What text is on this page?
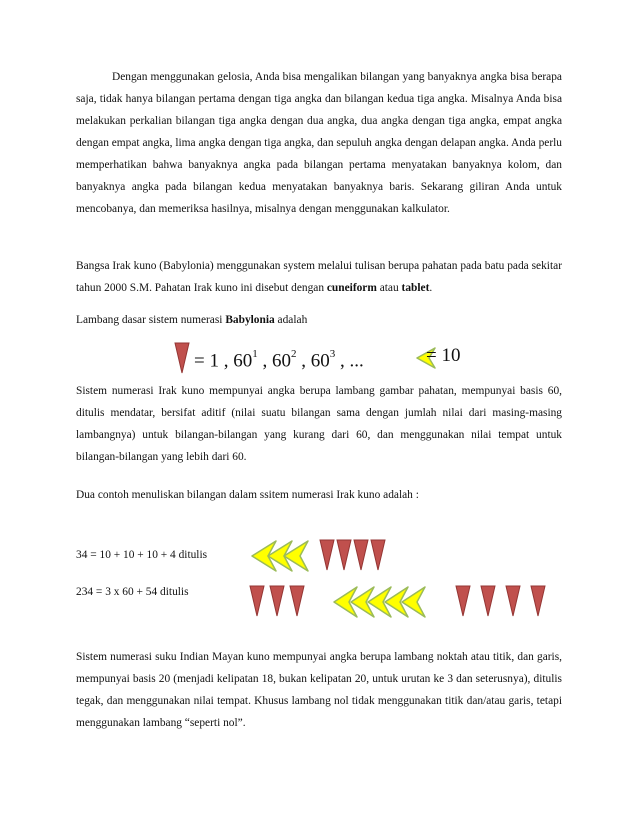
Dengan menggunakan gelosia, Anda bisa mengalikan bilangan yang banyaknya angka bisa berapa saja, tidak hanya bilangan pertama dengan tiga angka dan bilangan kedua tiga angka. Misalnya Anda bisa melakukan perkalian bilangan tiga angka dengan dua angka, dua angka dengan tiga angka, empat angka dengan empat angka, lima angka dengan tiga angka, dan sepuluh angka dengan delapan angka. Anda perlu memperhatikan bahwa banyaknya angka pada bilangan pertama menyatakan banyaknya kolom, dan banyaknya angka pada bilangan kedua menyatakan banyaknya baris. Sekarang giliran Anda untuk mencobanya, dan memeriksa hasilnya, misalnya dengan menggunakan kalkulator.

Bangsa Irak kuno (Babylonia) menggunakan system melalui tulisan berupa pahatan pada batu pada sekitar tahun 2000 S.M. Pahatan Irak kuno ini disebut dengan cuneiform atau tablet.

Lambang dasar sistem numerasi Babylonia adalah

= 1 , $60^1$ , $60^2$ , $60^3$ , ...	= 10

Sistem numerasi Irak kuno mempunyai angka berupa lambang gambar pahatan, mempunyai basis 60, ditulis mendatar, bersifat aditif (nilai suatu bilangan sama dengan jumlah nilai dari masing-masing lambangnya) untuk bilangan-bilangan yang kurang dari 60, dan menggunakan nilai tempat untuk bilangan-bilangan yang lebih dari 60.

Dua contoh menuliskan bilangan dalam ssitem numerasi Irak kuno adalah :

34 = 10 + 10 + 10 + 4 ditulis
234 = 3 x 60 + 54 ditulis

Sistem numerasi suku Indian Mayan kuno mempunyai angka berupa lambang noktah atau titik, dan garis, mempunyai basis 20 (menjadi kelipatan 18, bukan kelipatan 20, untuk urutan ke 3 dan seterusnya), ditulis tegak, dan menggunakan nilai tempat. Khusus lambang nol tidak menggunakan titik dan/atau garis, tetapi menggunakan lambang “seperti nol”.
